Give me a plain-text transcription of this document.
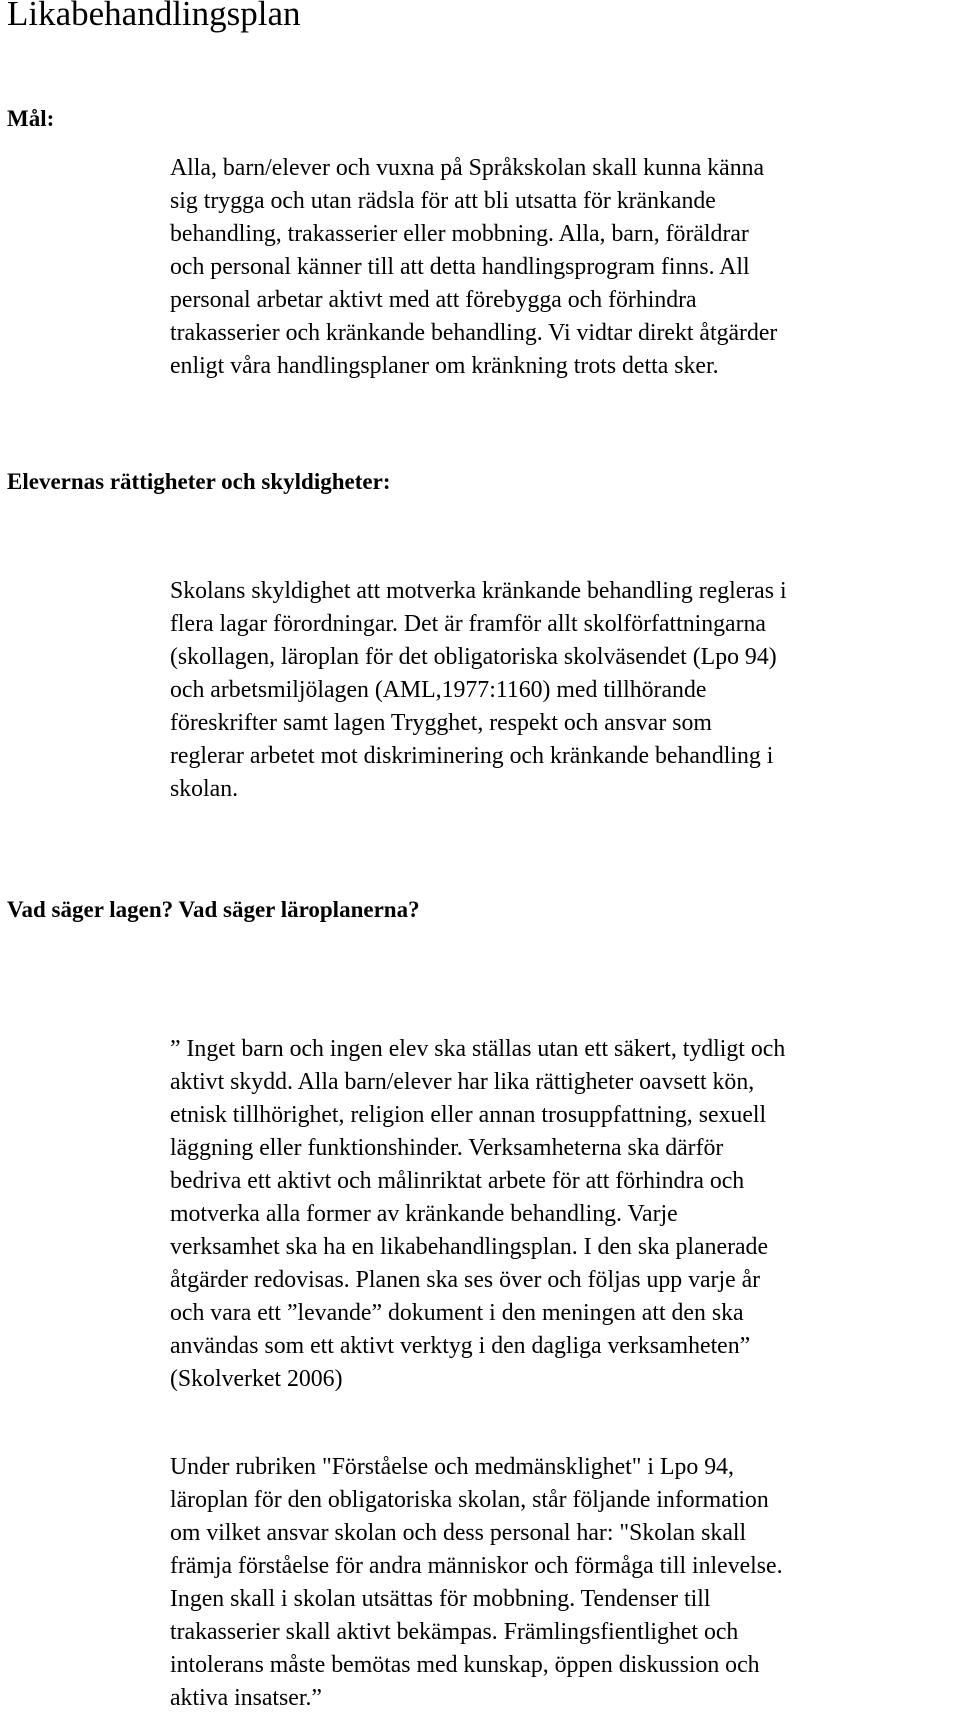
Likabehandlingsplan
Mål:
Alla, barn/elever och vuxna på Språkskolan skall kunna känna
sig trygga och utan rädsla för att bli utsatta för kränkande
behandling, trakasserier eller mobbning. Alla, barn, föräldrar
och personal känner till att detta handlingsprogram finns. All
personal arbetar aktivt med att förebygga och förhindra
trakasserier och kränkande behandling. Vi vidtar direkt åtgärder
enligt våra handlingsplaner om kränkning trots detta sker.
Elevernas rättigheter och skyldigheter:
Skolans skyldighet att motverka kränkande behandling regleras i
flera lagar förordningar. Det är framför allt skolförfattningarna
(skollagen, läroplan för det obligatoriska skolväsendet (Lpo 94)
och arbetsmiljölagen (AML,1977:1160) med tillhörande
föreskrifter samt lagen Trygghet, respekt och ansvar som
reglerar arbetet mot diskriminering och kränkande behandling i
skolan.
Vad säger lagen? Vad säger läroplanerna?
” Inget barn och ingen elev ska ställas utan ett säkert, tydligt och
aktivt skydd. Alla barn/elever har lika rättigheter oavsett kön,
etnisk tillhörighet, religion eller annan trosuppfattning, sexuell
läggning eller funktionshinder. Verksamheterna ska därför
bedriva ett aktivt och målinriktat arbete för att förhindra och
motverka alla former av kränkande behandling. Varje
verksamhet ska ha en likabehandlingsplan. I den ska planerade
åtgärder redovisas. Planen ska ses över och följas upp varje år
och vara ett ”levande” dokument i den meningen att den ska
användas som ett aktivt verktyg i den dagliga verksamheten”
(Skolverket 2006)
Under rubriken "Förståelse och medmänsklighet" i Lpo 94,
läroplan för den obligatoriska skolan, står följande information
om vilket ansvar skolan och dess personal har: "Skolan skall
främja förståelse för andra människor och förmåga till inlevelse.
Ingen skall i skolan utsättas för mobbning. Tendenser till
trakasserier skall aktivt bekämpas. Främlingsfientlighet och
intolerans måste bemötas med kunskap, öppen diskussion och
aktiva insatser.”
